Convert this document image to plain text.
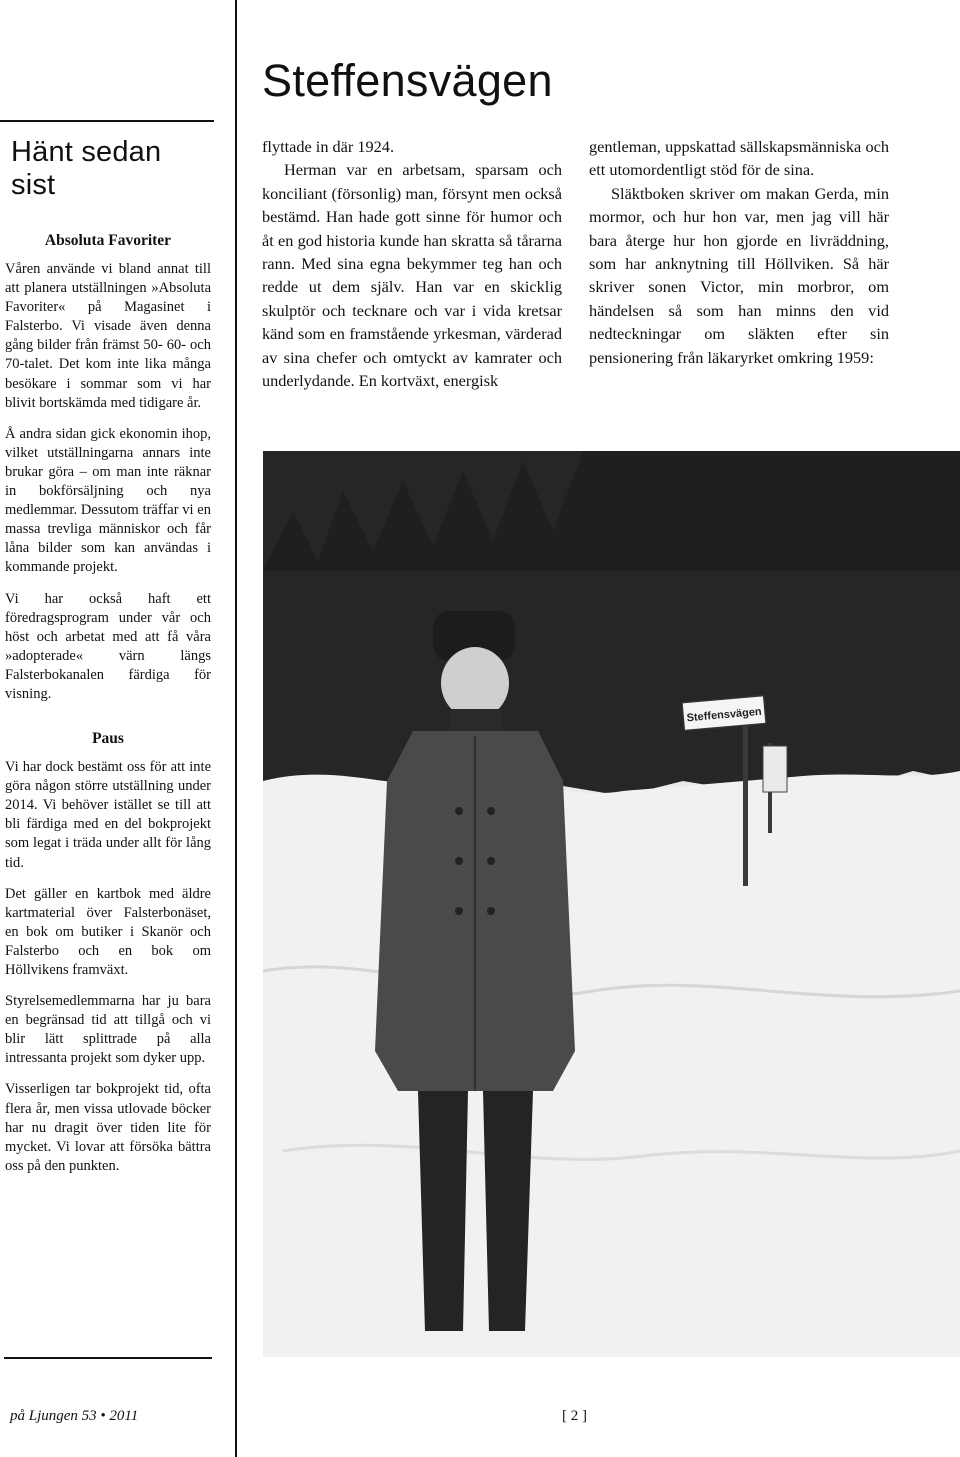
Hänt sedan sist
Absoluta Favoriter

Våren använde vi bland annat till att planera utställningen »Absoluta Favoriter« på Magasinet i Falsterbo. Vi visade även denna gång bilder från främst 50- 60- och 70-talet. Det kom inte lika många besökare i sommar som vi har blivit bortskämda med tidigare år.

Å andra sidan gick ekonomin ihop, vilket utställningarna annars inte brukar göra – om man inte räknar in bokförsäljning och nya medlemmar. Dessutom träffar vi en massa trevliga människor och får låna bilder som kan användas i kommande projekt.

Vi har också haft ett föredragsprogram under vår och höst och arbetat med att få våra »adopterade« värn längs Falsterbokanalen färdiga för visning.

Paus

Vi har dock bestämt oss för att inte göra någon större utställning under 2014. Vi behöver istället se till att bli färdiga med en del bokprojekt som legat i träda under allt för lång tid.

Det gäller en kartbok med äldre kartmaterial över Falsterbonäset, en bok om butiker i Skanör och Falsterbo och en bok om Höllvikens framväxt.

Styrelsemedlemmarna har ju bara en begränsad tid att tillgå och vi blir lätt splittrade på alla intressanta projekt som dyker upp.

Visserligen tar bokprojekt tid, ofta flera år, men vissa utlovade böcker har nu dragit över tiden lite för mycket. Vi lovar att försöka bättra oss på den punkten.

Steffensvägen

flyttade in där 1924.

Herman var en arbetsam, sparsam och konciliant (försonlig) man, försynt men också bestämd. Han hade gott sinne för humor och åt en god historia kunde han skratta så tårarna rann. Med sina egna bekymmer teg han och redde ut dem själv. Han var en skicklig skulptör och tecknare och var i vida kretsar känd som en framstående yrkesman, värderad av sina chefer och omtyckt av kamrater och underlydande. En kortväxt, energisk

gentleman, uppskattad sällskapsmänniska och ett utomordentligt stöd för de sina.

Släktboken skriver om makan Gerda, min mormor, och hur hon var, men jag vill här bara återge hur hon gjorde en livräddning, som har anknytning till Höllviken. Så här skriver sonen Victor, min morbror, om händelsen så som han minns den vid nedteckningar om släkten efter sin pensionering från läkaryrket omkring 1959:

Steffensvägen
på Ljungen 53 • 2011	[ 2 ]
